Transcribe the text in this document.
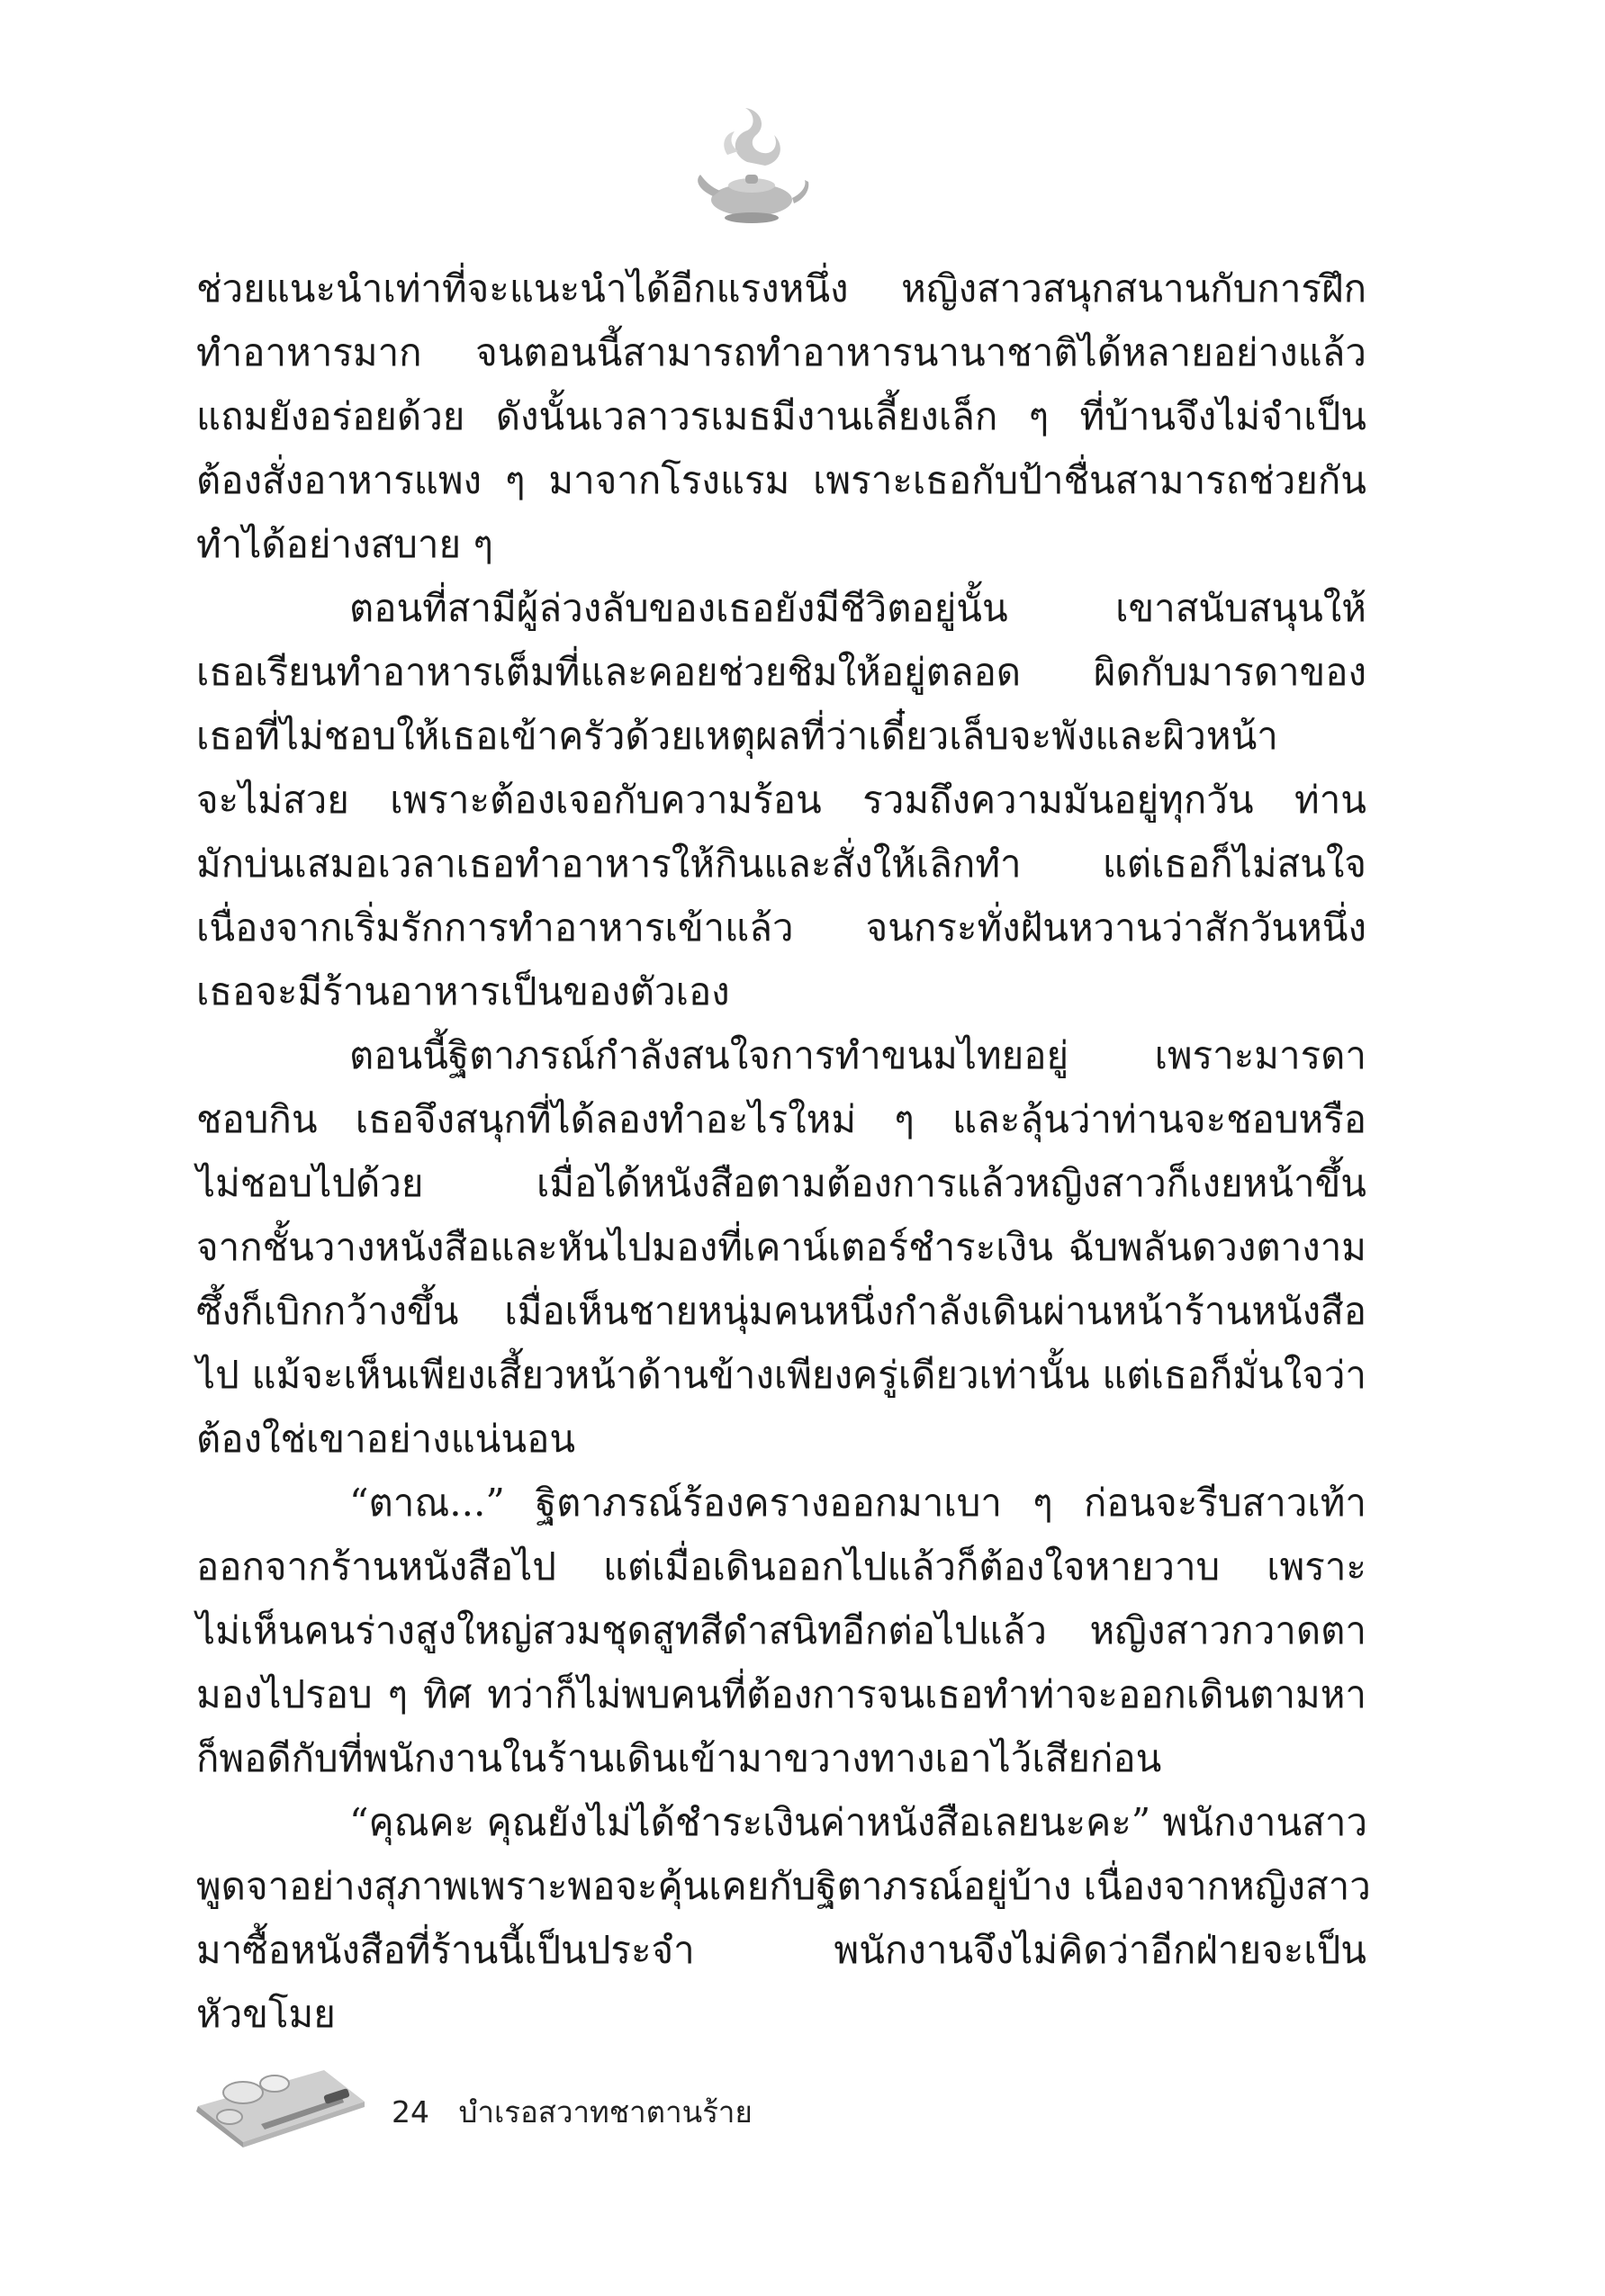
ช่วยแนะนำเท่าที่จะแนะนำได้อีกแรงหนึ่ง หญิงสาวสนุกสนานกับการฝึก
ทำอาหารมาก จนตอนนี้สามารถทำอาหารนานาชาติได้หลายอย่างแล้ว
แถมยังอร่อยด้วย ดังนั้นเวลาวรเมธมีงานเลี้ยงเล็ก ๆ ที่บ้านจึงไม่จำเป็น
ต้องสั่งอาหารแพง ๆ มาจากโรงแรม เพราะเธอกับป้าชื่นสามารถช่วยกัน
ทำได้อย่างสบาย ๆ
ตอนที่สามีผู้ล่วงลับของเธอยังมีชีวิตอยู่นั้น เขาสนับสนุนให้
เธอเรียนทำอาหารเต็มที่และคอยช่วยชิมให้อยู่ตลอด ผิดกับมารดาของ
เธอที่ไม่ชอบให้เธอเข้าครัวด้วยเหตุผลที่ว่าเดี๋ยวเล็บจะพังและผิวหน้า
จะไม่สวย เพราะต้องเจอกับความร้อน รวมถึงความมันอยู่ทุกวัน ท่าน
มักบ่นเสมอเวลาเธอทำอาหารให้กินและสั่งให้เลิกทำ แต่เธอก็ไม่สนใจ
เนื่องจากเริ่มรักการทำอาหารเข้าแล้ว จนกระทั่งฝันหวานว่าสักวันหนึ่ง
เธอจะมีร้านอาหารเป็นของตัวเอง
ตอนนี้ฐิตาภรณ์กำลังสนใจการทำขนมไทยอยู่ เพราะมารดา
ชอบกิน เธอจึงสนุกที่ได้ลองทำอะไรใหม่ ๆ และลุ้นว่าท่านจะชอบหรือ
ไม่ชอบไปด้วย เมื่อได้หนังสือตามต้องการแล้วหญิงสาวก็เงยหน้าขึ้น
จากชั้นวางหนังสือและหันไปมองที่เคาน์เตอร์ชำระเงิน ฉับพลันดวงตางาม
ซึ้งก็เบิกกว้างขึ้น เมื่อเห็นชายหนุ่มคนหนึ่งกำลังเดินผ่านหน้าร้านหนังสือ
ไป แม้จะเห็นเพียงเสี้ยวหน้าด้านข้างเพียงครู่เดียวเท่านั้น แต่เธอก็มั่นใจว่า
ต้องใช่เขาอย่างแน่นอน
“ตาณ...” ฐิตาภรณ์ร้องครางออกมาเบา ๆ ก่อนจะรีบสาวเท้า
ออกจากร้านหนังสือไป แต่เมื่อเดินออกไปแล้วก็ต้องใจหายวาบ เพราะ
ไม่เห็นคนร่างสูงใหญ่สวมชุดสูทสีดำสนิทอีกต่อไปแล้ว หญิงสาวกวาดตา
มองไปรอบ ๆ ทิศ ทว่าก็ไม่พบคนที่ต้องการจนเธอทำท่าจะออกเดินตามหา
ก็พอดีกับที่พนักงานในร้านเดินเข้ามาขวางทางเอาไว้เสียก่อน
“คุณคะ คุณยังไม่ได้ชำระเงินค่าหนังสือเลยนะคะ” พนักงานสาว
พูดจาอย่างสุภาพเพราะพอจะคุ้นเคยกับฐิตาภรณ์อยู่บ้าง เนื่องจากหญิงสาว
มาซื้อหนังสือที่ร้านนี้เป็นประจำ พนักงานจึงไม่คิดว่าอีกฝ่ายจะเป็น
หัวขโมย
24 บำเรอสวาทชาตานร้าย
